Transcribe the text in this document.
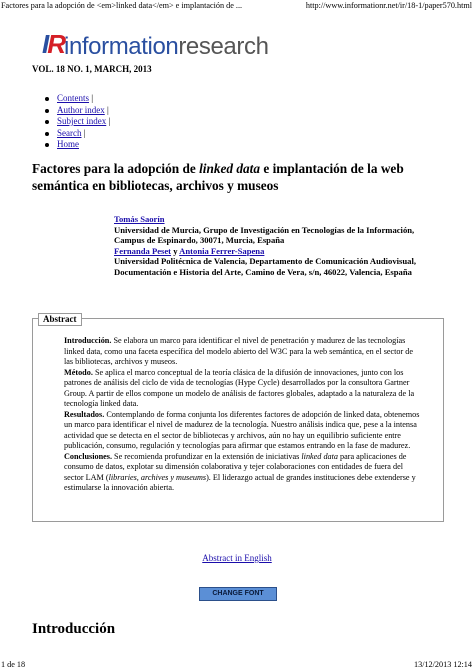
Factores para la adopción de <em>linked data</em> e implantación de ...	http://www.informationr.net/ir/18-1/paper570.html
IRinformationresearch
VOL. 18 NO. 1, MARCH, 2013
Contents |
Author index |
Subject index |
Search |
Home
Factores para la adopción de linked data e implantación de la web semántica en bibliotecas, archivos y museos
Tomás Saorín
Universidad de Murcia, Grupo de Investigación en Tecnologías de la Información, Campus de Espinardo, 30071, Murcia, España
Fernanda Peset y Antonia Ferrer-Sapena
Universidad Politécnica de Valencia, Departamento de Comunicación Audiovisual, Documentación e Historia del Arte, Camino de Vera, s/n, 46022, Valencia, España
Abstract

Introducción. Se elabora un marco para identificar el nivel de penetración y madurez de las tecnologías linked data, como una faceta específica del modelo abierto del W3C para la web semántica, en el sector de las bibliotecas, archivos y museos.

Método. Se aplica el marco conceptual de la teoría clásica de la difusión de innovaciones, junto con los patrones de análisis del ciclo de vida de tecnologías (Hype Cycle) desarrollados por la consultora Gartner Group. A partir de ellos compone un modelo de análisis de factores globales, adaptado a la naturaleza de la tecnología linked data.

Resultados. Contemplando de forma conjunta los diferentes factores de adopción de linked data, obtenemos un marco para identificar el nivel de madurez de la tecnología. Nuestro análisis indica que, pese a la intensa actividad que se detecta en el sector de bibliotecas y archivos, aún no hay un equilibrio suficiente entre publicación, consumo, regulación y tecnologías para afirmar que estamos entrando en la fase de madurez.

Conclusiones. Se recomienda profundizar en la extensión de iniciativas linked data para aplicaciones de consumo de datos, explotar su dimensión colaborativa y tejer colaboraciones con entidades de fuera del sector LAM (libraries, archives y museums). El liderazgo actual de grandes instituciones debe extenderse y estimularse la innovación abierta.

Abstract in English
CHANGE FONT
Introducción
1 de 18	13/12/2013 12:14
